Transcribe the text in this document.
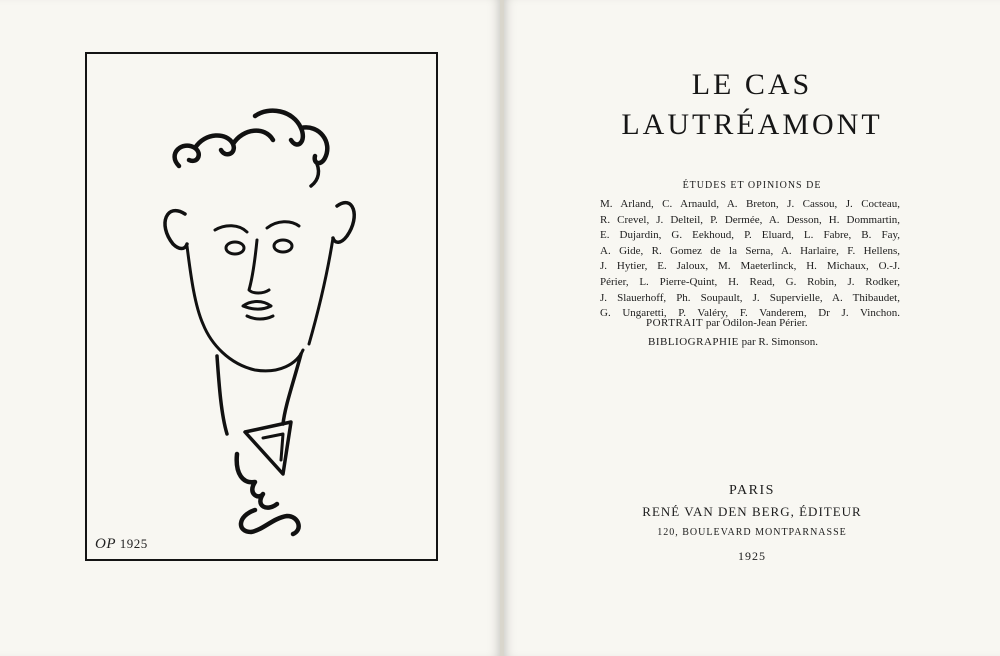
OP 1925
LE CAS
LAUTRÉAMONT
ÉTUDES ET OPINIONS DE
M. Arland, C. Arnauld, A. Breton, J. Cassou, J. Cocteau,
R. Crevel, J. Delteil, P. Dermée, A. Desson, H. Dommartin,
E. Dujardin, G. Eekhoud, P. Eluard, L. Fabre, B. Fay,
A. Gide, R. Gomez de la Serna, A. Harlaire, F. Hellens,
J. Hytier, E. Jaloux, M. Maeterlinck, H. Michaux, O.-J.
Périer, L. Pierre-Quint, H. Read, G. Robin, J. Rodker,
J. Slauerhoff, Ph. Soupault, J. Supervielle, A. Thibaudet,
G. Ungaretti, P. Valéry, F. Vanderem, Dr J. Vinchon.
PORTRAIT par Odilon-Jean Périer.
BIBLIOGRAPHIE par R. Simonson.
PARIS
RENÉ VAN DEN BERG, ÉDITEUR
120, BOULEVARD MONTPARNASSE
1925
